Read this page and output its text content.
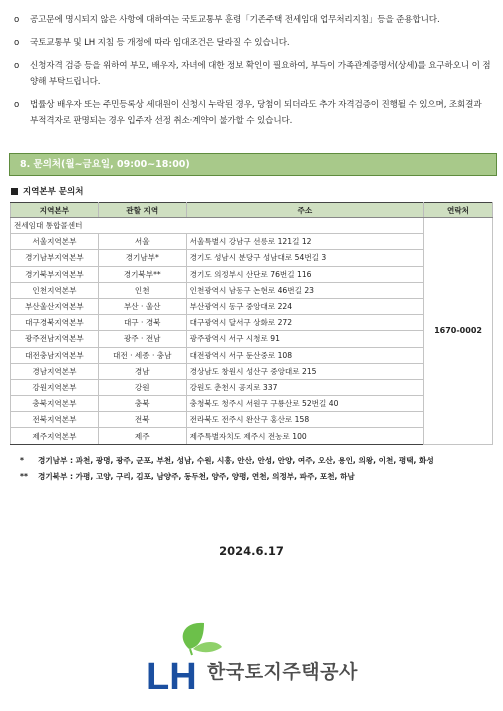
o	공고문에 명시되지 않은 사항에 대하여는 국토교통부 훈령「기존주택 전세임대 업무처리지침」등을 준용합니다.
o	국토교통부 및 LH 지침 등 개정에 따라 임대조건은 달라질 수 있습니다.
o	신청자격 검증 등을 위하여 부모, 배우자, 자녀에 대한 정보 확인이 필요하여, 부득이 가족관계증명서(상세)를 요구하오니 이 점 양해 부탁드립니다.
o	법률상 배우자 또는 주민등록상 세대원이 신청시 누락된 경우, 당첨이 되더라도 추가 자격검증이 진행될 수 있으며, 조회결과 부적격자로 판명되는 경우 입주자 선정 취소·계약이 불가할 수 있습니다.
8. 문의처(월~금요일, 09:00~18:00)
지역본부 문의처
지역본부	관할 지역	주소	연락처
전세임대 통합콜센터			1670-0002
서울지역본부	서울	서울특별시 강남구 선릉로 121길 12	
경기남부지역본부	경기남부*	경기도 성남시 분당구 성남대로 54번길 3	
경기북부지역본부	경기북부**	경기도 의정부시 산단로 76번길 116	
인천지역본부	인천	인천광역시 남동구 논현로 46번길 23	
부산울산지역본부	부산 · 울산	부산광역시 동구 중앙대로 224	
대구경북지역본부	대구 · 경북	대구광역시 달서구 상화로 272	
광주전남지역본부	광주 · 전남	광주광역시 서구 시청로 91	
대전충남지역본부	대전 · 세종 · 충남	대전광역시 서구 둔산중로 108	
경남지역본부	경남	경상남도 창원시 성산구 중앙대로 215	
강원지역본부	강원	강원도 춘천시 공지로 337	
충북지역본부	충북	충청북도 청주시 서원구 구룡산로 52번길 40	
전북지역본부	전북	전라북도 전주시 완산구 홍산로 158	
제주지역본부	제주	제주특별자치도 제주시 전농로 100	
*	경기남부 : 과천, 광명, 광주, 군포, 부천, 성남, 수원, 시흥, 안산, 안성, 안양, 여주, 오산, 용인, 의왕, 이천, 평택, 화성
**	경기북부 : 가평, 고양, 구리, 김포, 남양주, 동두천, 양주, 양평, 연천, 의정부, 파주, 포천, 하남
2024.6.17
LH 한국토지주택공사
